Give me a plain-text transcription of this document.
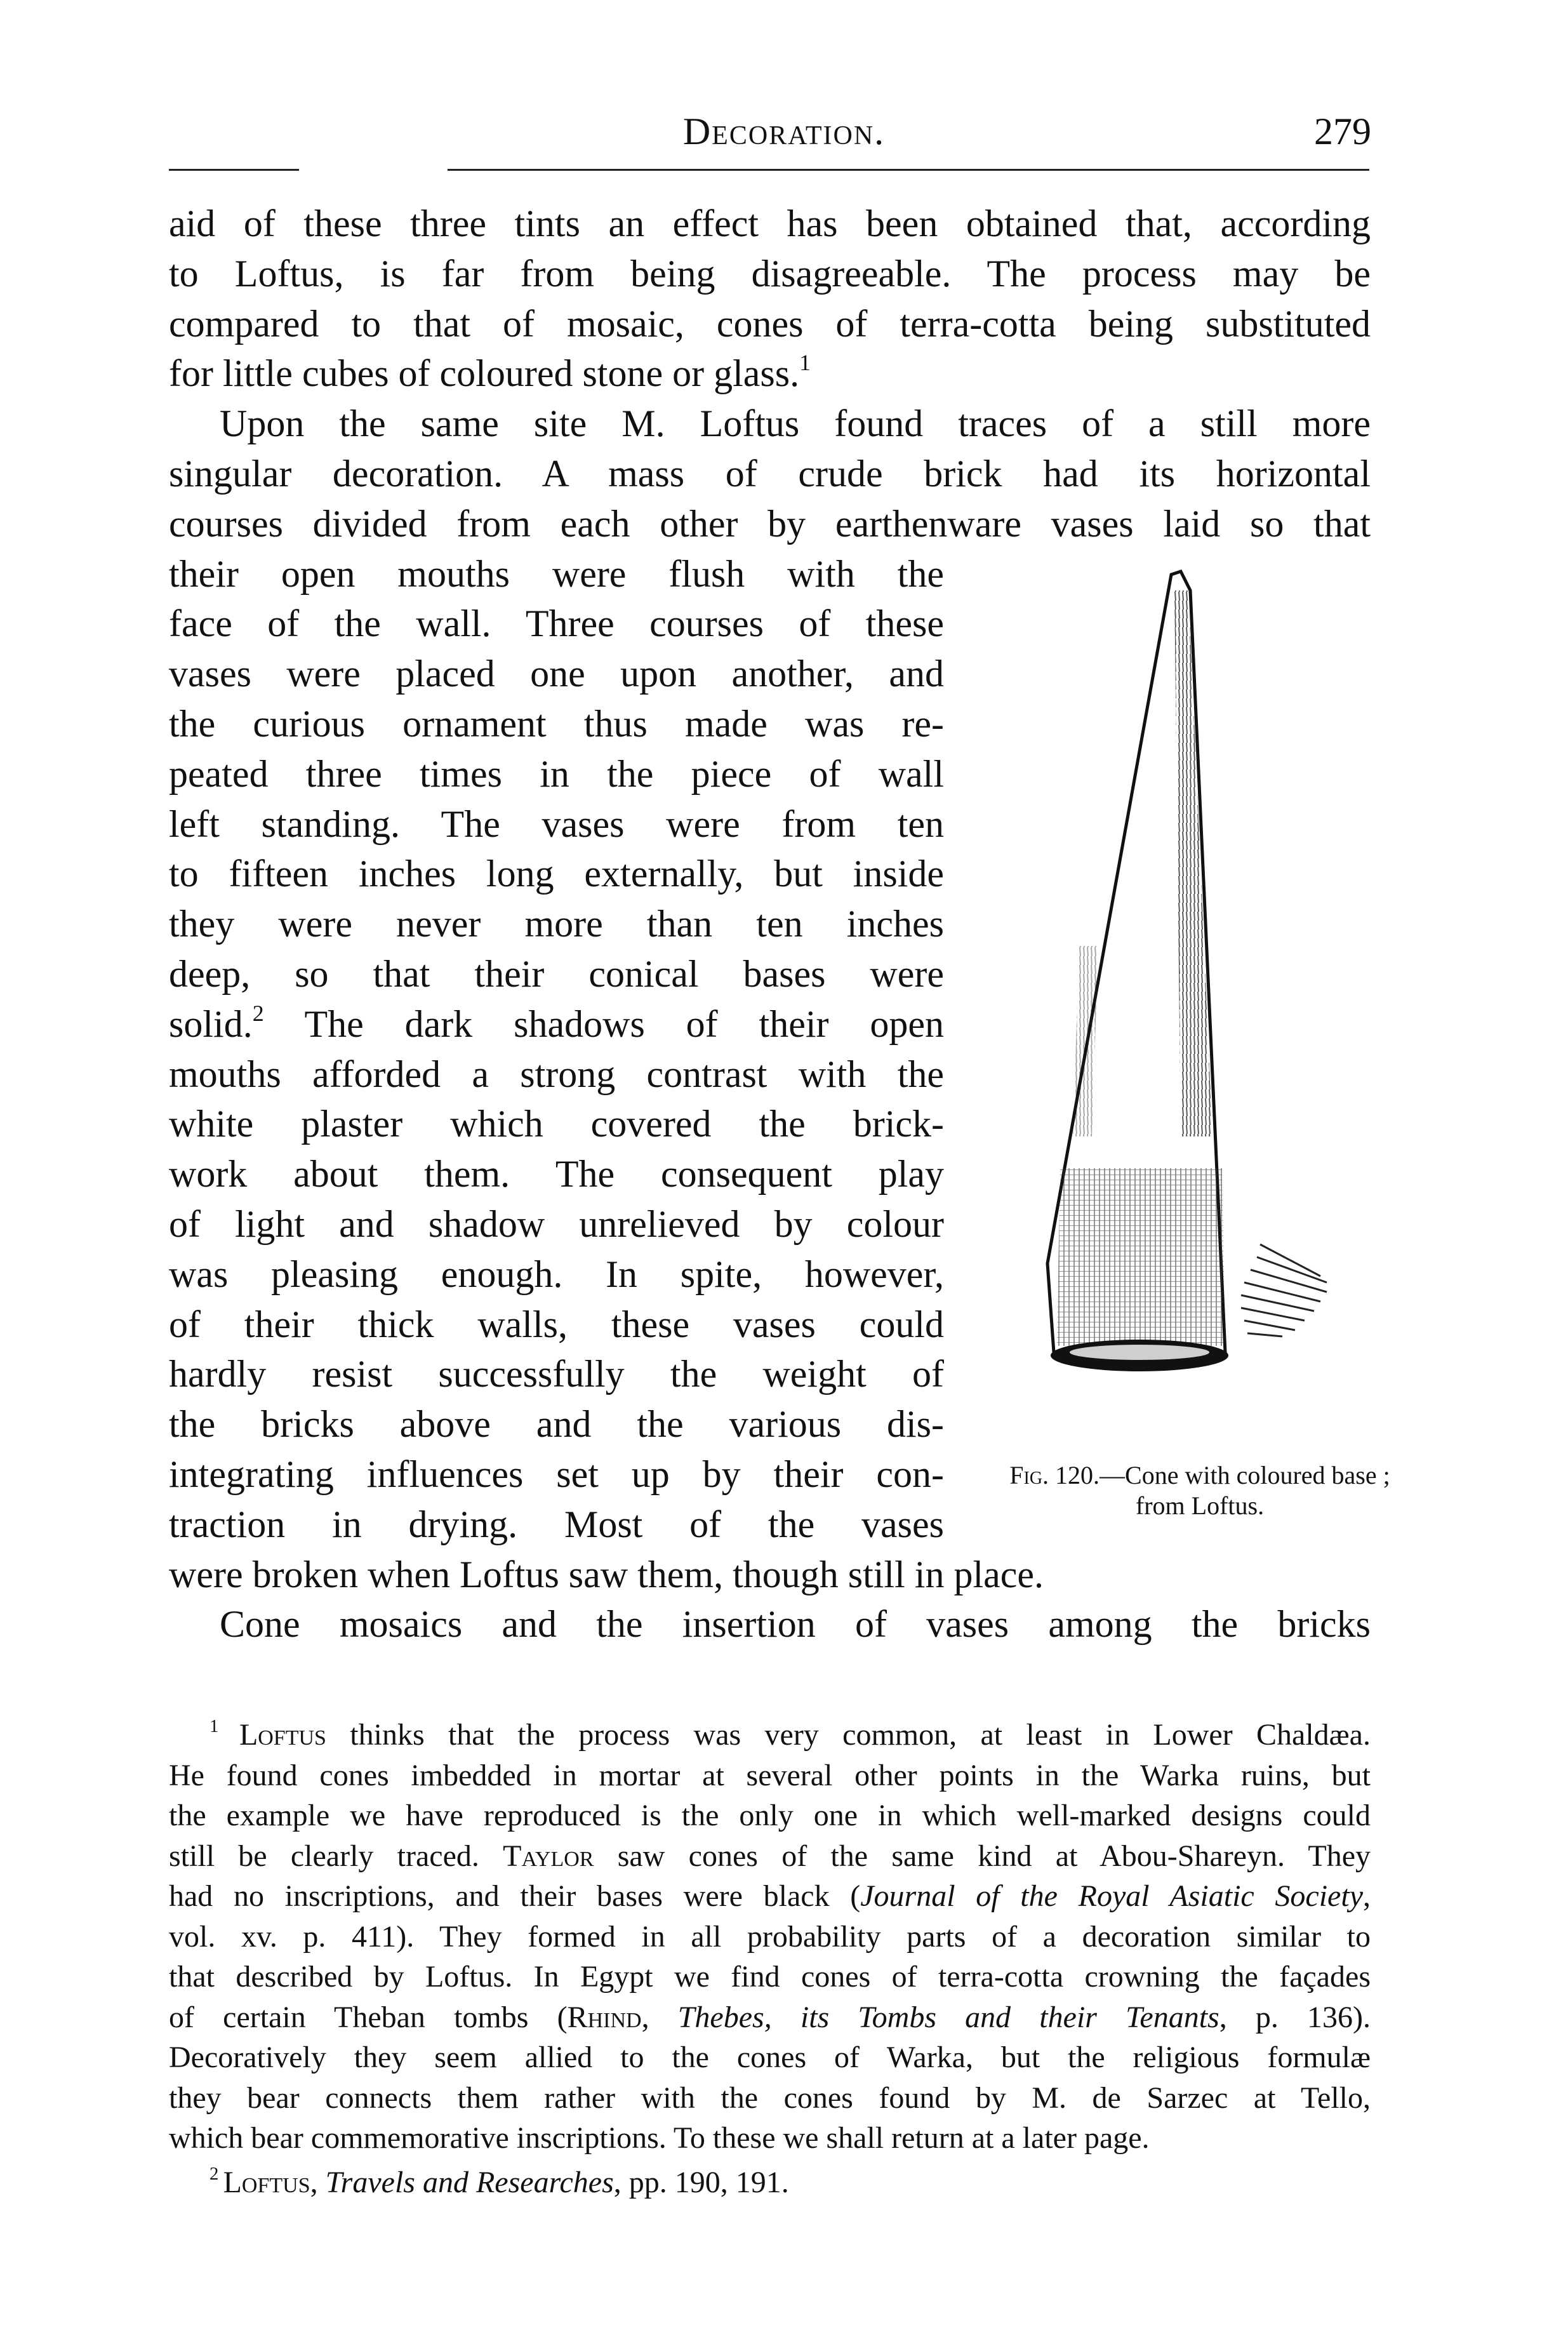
Decoration.	279
aid of these three tints an effect has been obtained that, according
to Loftus, is far from being disagreeable. The process may be
compared to that of mosaic, cones of terra-cotta being substituted
for little cubes of coloured stone or glass.$^1$
Upon the same site M. Loftus found traces of a still more
singular decoration. A mass of crude brick had its horizontal
courses divided from each other by earthenware vases laid so that
their open mouths were flush with the
face of the wall. Three courses of these
vases were placed one upon another, and
the curious ornament thus made was re-
peated three times in the piece of wall
left standing. The vases were from ten
to fifteen inches long externally, but inside
they were never more than ten inches
deep, so that their conical bases were
solid.$^2$ The dark shadows of their open
mouths afforded a strong contrast with the
white plaster which covered the brick-
work about them. The consequent play
of light and shadow unrelieved by colour
was pleasing enough. In spite, however,
of their thick walls, these vases could
hardly resist successfully the weight of
the bricks above and the various dis-
integrating influences set up by their con-
traction in drying. Most of the vases
were broken when Loftus saw them, though still in place.
Cone mosaics and the insertion of vases among the bricks
Fig. 120.—Cone with coloured base ; from Loftus.
$^1$ Loftus thinks that the process was very common, at least in Lower Chaldæa.
He found cones imbedded in mortar at several other points in the Warka ruins, but
the example we have reproduced is the only one in which well-marked designs could
still be clearly traced. Taylor saw cones of the same kind at Abou-Shareyn. They
had no inscriptions, and their bases were black (Journal of the Royal Asiatic Society,
vol. xv. p. 411). They formed in all probability parts of a decoration similar to
that described by Loftus. In Egypt we find cones of terra-cotta crowning the façades
of certain Theban tombs (Rhind, Thebes, its Tombs and their Tenants, p. 136).
Decoratively they seem allied to the cones of Warka, but the religious formulæ
they bear connects them rather with the cones found by M. de Sarzec at Tello,
which bear commemorative inscriptions. To these we shall return at a later page.
$^2$ Loftus, Travels and Researches, pp. 190, 191.
